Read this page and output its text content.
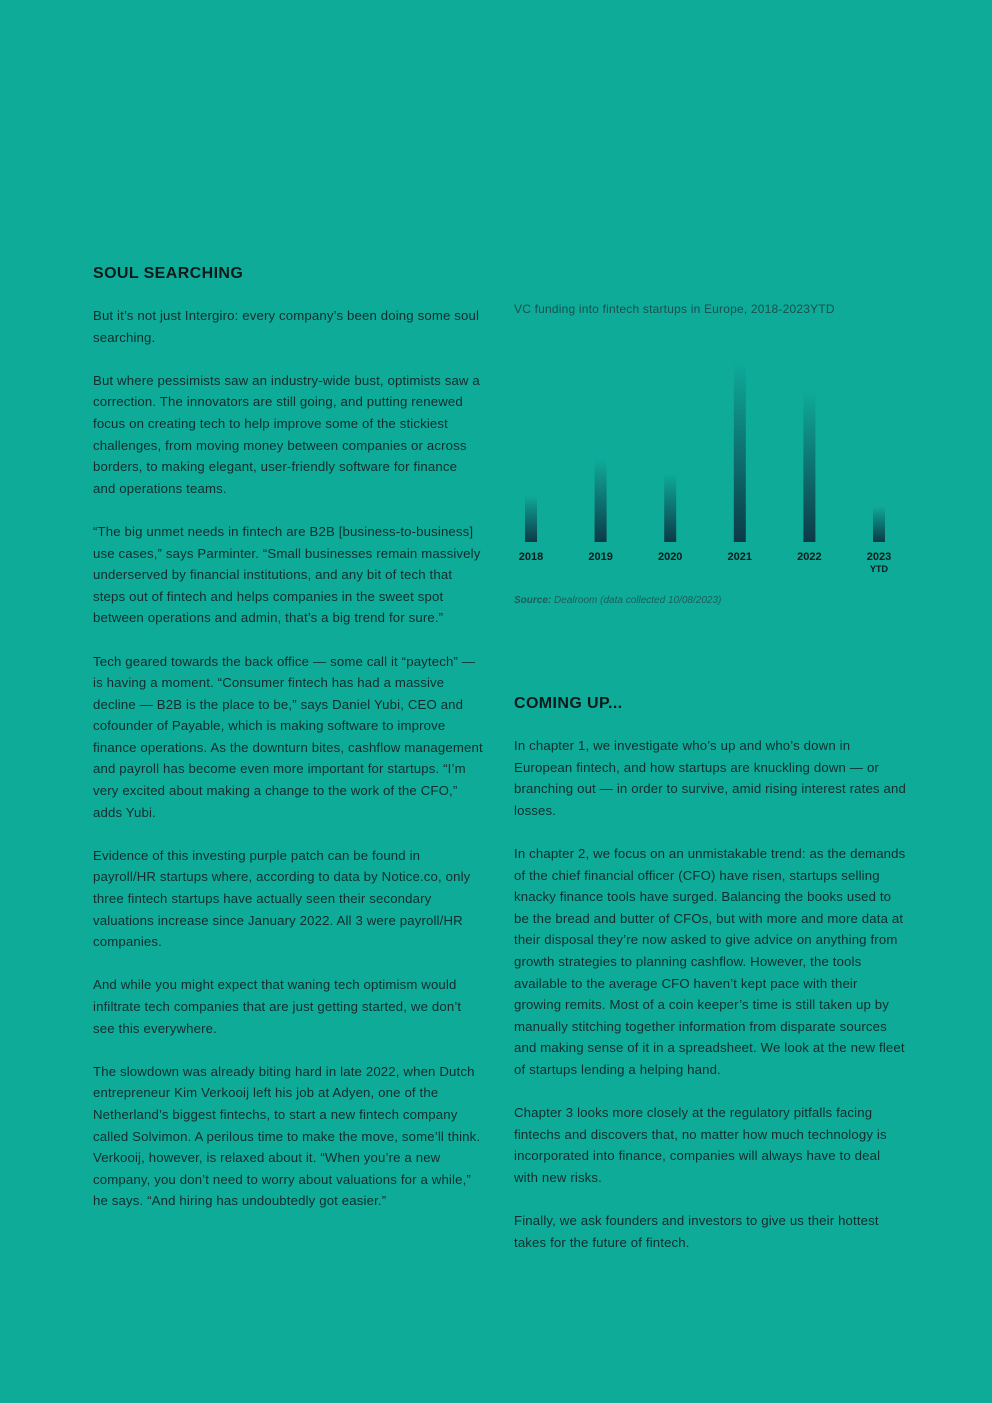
SOUL SEARCHING

But it’s not just Intergiro: every company’s been doing some soul searching.

But where pessimists saw an industry-wide bust, optimists saw a correction. The innovators are still going, and putting renewed focus on creating tech to help improve some of the stickiest challenges, from moving money between companies or across borders, to making elegant, user-friendly software for finance and operations teams.

“The big unmet needs in fintech are B2B [business-to-business] use cases,” says Parminter. “Small businesses remain massively underserved by financial institutions, and any bit of tech that steps out of fintech and helps companies in the sweet spot between operations and admin, that’s a big trend for sure.”

Tech geared towards the back office — some call it “paytech” — is having a moment. “Consumer fintech has had a massive decline — B2B is the place to be,” says Daniel Yubi, CEO and cofounder of Payable, which is making software to improve finance operations. As the downturn bites, cashflow management and payroll has become even more important for startups. “I’m very excited about making a change to the work of the CFO,” adds Yubi.

Evidence of this investing purple patch can be found in payroll/HR startups where, according to data by Notice.co, only three fintech startups have actually seen their secondary valuations increase since January 2022. All 3 were payroll/HR companies.

And while you might expect that waning tech optimism would infiltrate tech companies that are just getting started, we don’t see this everywhere.

The slowdown was already biting hard in late 2022, when Dutch entrepreneur Kim Verkooij left his job at Adyen, one of the Netherland’s biggest fintechs, to start a new fintech company called Solvimon. A perilous time to make the move, some’ll think. Verkooij, however, is relaxed about it. “When you’re a new company, you don’t need to worry about valuations for a while,” he says. “And hiring has undoubtedly got easier.”

VC funding into fintech startups in Europe, 2018-2023YTD
2018	2019	2020	2021	2022	2023
YTD
Source: Dealroom (data collected 10/08/2023)
COMING UP...

In chapter 1, we investigate who’s up and who’s down in European fintech, and how startups are knuckling down — or branching out — in order to survive, amid rising interest rates and losses.

In chapter 2, we focus on an unmistakable trend: as the demands of the chief financial officer (CFO) have risen, startups selling knacky finance tools have surged. Balancing the books used to be the bread and butter of CFOs, but with more and more data at their disposal they’re now asked to give advice on anything from growth strategies to planning cashflow. However, the tools available to the average CFO haven’t kept pace with their growing remits. Most of a coin keeper’s time is still taken up by manually stitching together information from disparate sources and making sense of it in a spreadsheet. We look at the new fleet of startups lending a helping hand.

Chapter 3 looks more closely at the regulatory pitfalls facing fintechs and discovers that, no matter how much technology is incorporated into finance, companies will always have to deal with new risks.

Finally, we ask founders and investors to give us their hottest takes for the future of fintech.
